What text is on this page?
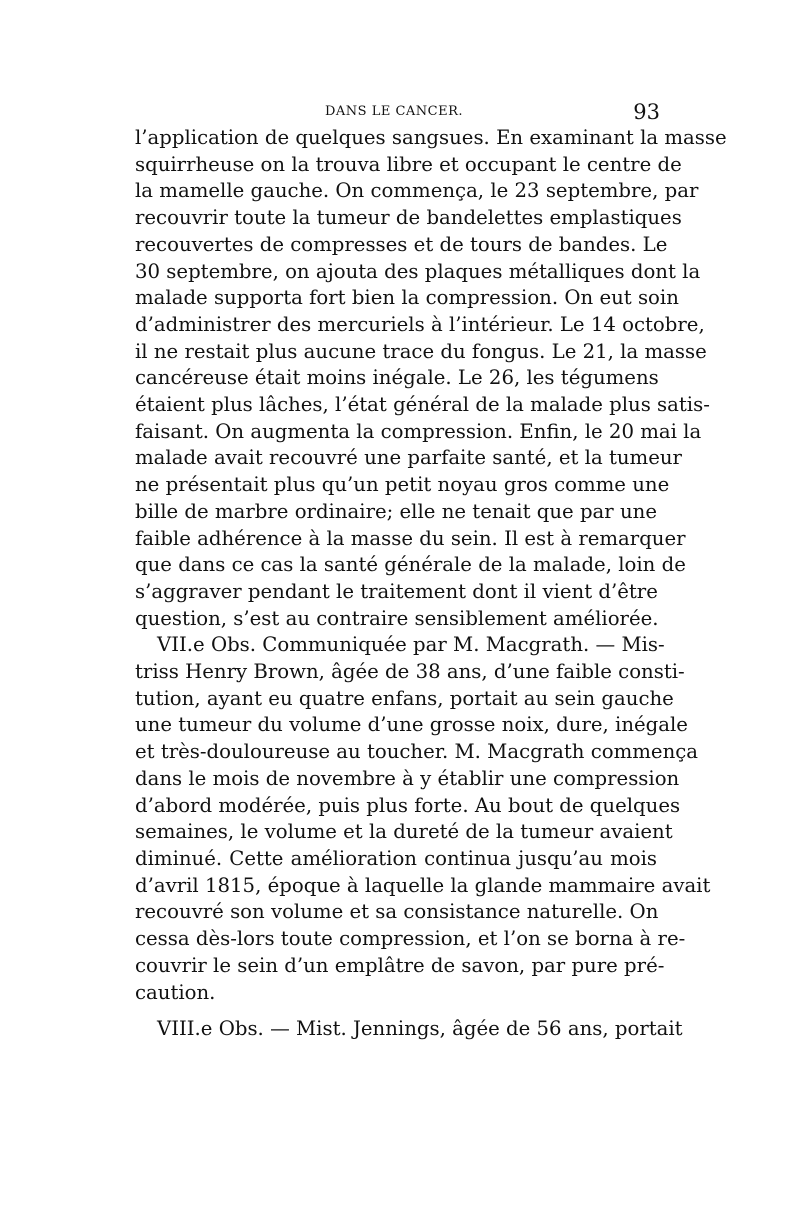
DANS LE CANCER.	93
l’application de quelques sangsues. En examinant la masse
squirrheuse on la trouva libre et occupant le centre de
la mamelle gauche. On commença, le 23 septembre, par
recouvrir toute la tumeur de bandelettes emplastiques
recouvertes de compresses et de tours de bandes. Le
30 septembre, on ajouta des plaques métalliques dont la
malade supporta fort bien la compression. On eut soin
d’administrer des mercuriels à l’intérieur. Le 14 octobre,
il ne restait plus aucune trace du fongus. Le 21, la masse
cancéreuse était moins inégale. Le 26, les tégumens
étaient plus lâches, l’état général de la malade plus satis-
faisant. On augmenta la compression. Enfin, le 20 mai la
malade avait recouvré une parfaite santé, et la tumeur
ne présentait plus qu’un petit noyau gros comme une
bille de marbre ordinaire; elle ne tenait que par une
faible adhérence à la masse du sein. Il est à remarquer
que dans ce cas la santé générale de la malade, loin de
s’aggraver pendant le traitement dont il vient d’être
question, s’est au contraire sensiblement améliorée.
VII.e Obs. Communiquée par M. Macgrath. — Mis-
triss Henry Brown, âgée de 38 ans, d’une faible consti-
tution, ayant eu quatre enfans, portait au sein gauche
une tumeur du volume d’une grosse noix, dure, inégale
et très-douloureuse au toucher. M. Macgrath commença
dans le mois de novembre à y établir une compression
d’abord modérée, puis plus forte. Au bout de quelques
semaines, le volume et la dureté de la tumeur avaient
diminué. Cette amélioration continua jusqu’au mois
d’avril 1815, époque à laquelle la glande mammaire avait
recouvré son volume et sa consistance naturelle. On
cessa dès-lors toute compression, et l’on se borna à re-
couvrir le sein d’un emplâtre de savon, par pure pré-
caution.
VIII.e Obs. — Mist. Jennings, âgée de 56 ans, portait
